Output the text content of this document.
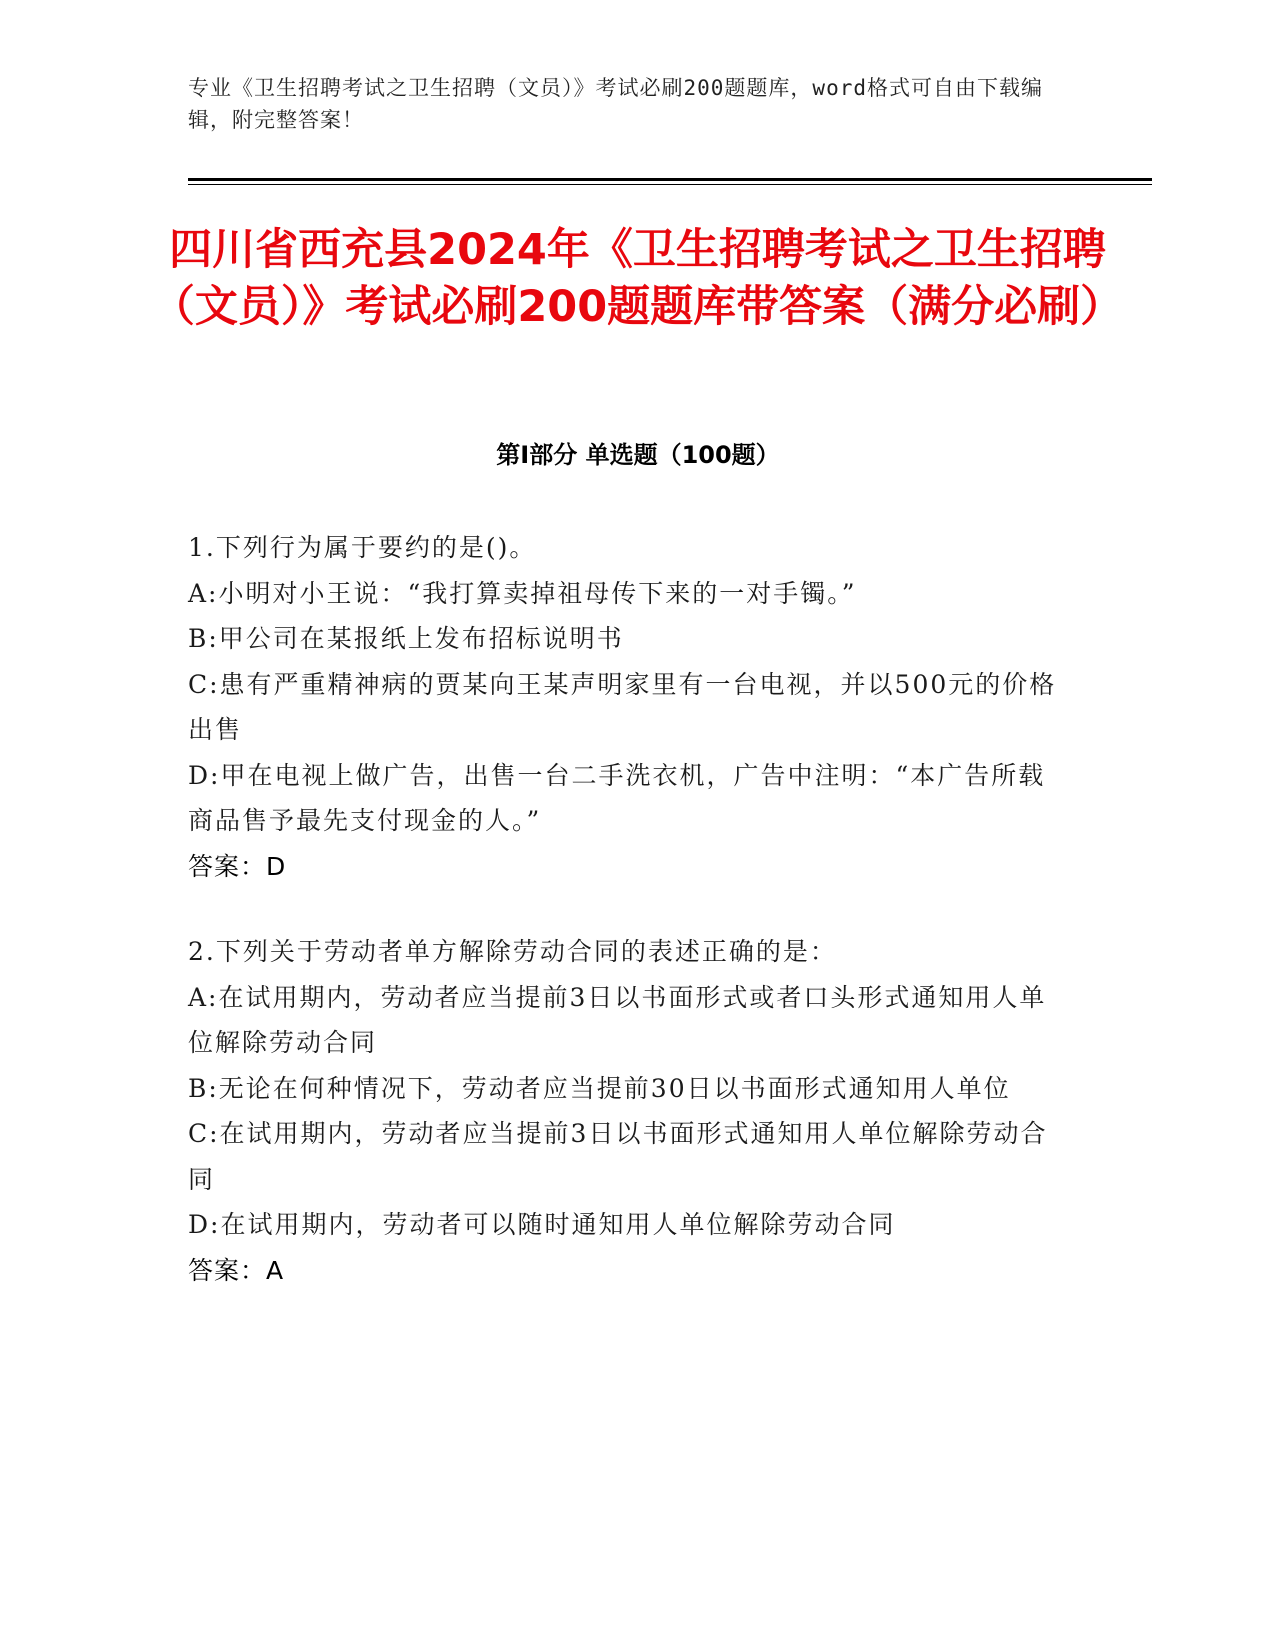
专业《卫生招聘考试之卫生招聘（文员）》考试必刷200题题库，word格式可自由下载编辑，附完整答案！
四川省西充县2024年《卫生招聘考试之卫生招聘（文员）》考试必刷200题题库带答案（满分必刷）
第I部分 单选题（100题）

1.下列行为属于要约的是()。

A:小明对小王说：“我打算卖掉祖母传下来的一对手镯。”

B:甲公司在某报纸上发布招标说明书

C:患有严重精神病的贾某向王某声明家里有一台电视，并以500元的价格出售

D:甲在电视上做广告，出售一台二手洗衣机，广告中注明：“本广告所载商品售予最先支付现金的人。”

答案：D

2.下列关于劳动者单方解除劳动合同的表述正确的是：

A:在试用期内，劳动者应当提前3日以书面形式或者口头形式通知用人单位解除劳动合同

B:无论在何种情况下，劳动者应当提前30日以书面形式通知用人单位

C:在试用期内，劳动者应当提前3日以书面形式通知用人单位解除劳动合同

D:在试用期内，劳动者可以随时通知用人单位解除劳动合同

答案：A
